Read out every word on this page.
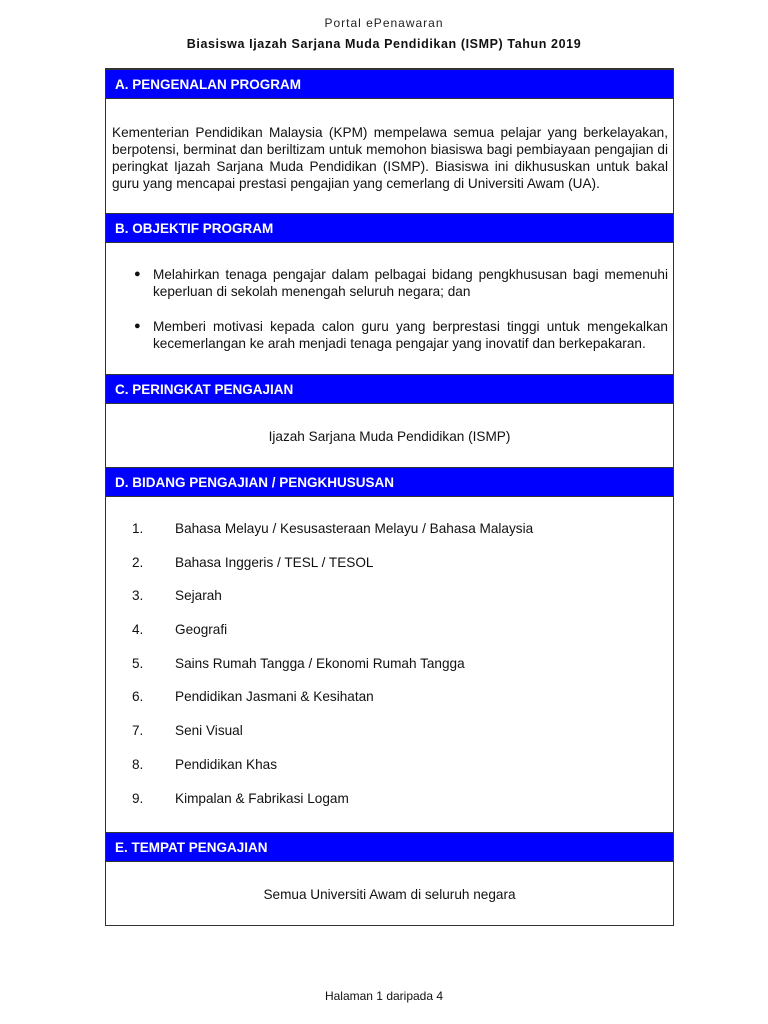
Portal ePenawaran
Biasiswa Ijazah Sarjana Muda Pendidikan (ISMP) Tahun 2019
A. PENGENALAN PROGRAM
Kementerian Pendidikan Malaysia (KPM) mempelawa semua pelajar yang berkelayakan, berpotensi, berminat dan beriltizam untuk memohon biasiswa bagi pembiayaan pengajian di peringkat Ijazah Sarjana Muda Pendidikan (ISMP). Biasiswa ini dikhususkan untuk bakal guru yang mencapai prestasi pengajian yang cemerlang di Universiti Awam (UA).
B. OBJEKTIF PROGRAM
● Melahirkan tenaga pengajar dalam pelbagai bidang pengkhususan bagi memenuhi keperluan di sekolah menengah seluruh negara; dan
● Memberi motivasi kepada calon guru yang berprestasi tinggi untuk mengekalkan kecemerlangan ke arah menjadi tenaga pengajar yang inovatif dan berkepakaran.
C. PERINGKAT PENGAJIAN
Ijazah Sarjana Muda Pendidikan (ISMP)
D. BIDANG PENGAJIAN / PENGKHUSUSAN
1. Bahasa Melayu / Kesusasteraan Melayu / Bahasa Malaysia
2. Bahasa Inggeris / TESL / TESOL
3. Sejarah
4. Geografi
5. Sains Rumah Tangga / Ekonomi Rumah Tangga
6. Pendidikan Jasmani & Kesihatan
7. Seni Visual
8. Pendidikan Khas
9. Kimpalan & Fabrikasi Logam
E. TEMPAT PENGAJIAN
Semua Universiti Awam di seluruh negara
Halaman 1 daripada 4
